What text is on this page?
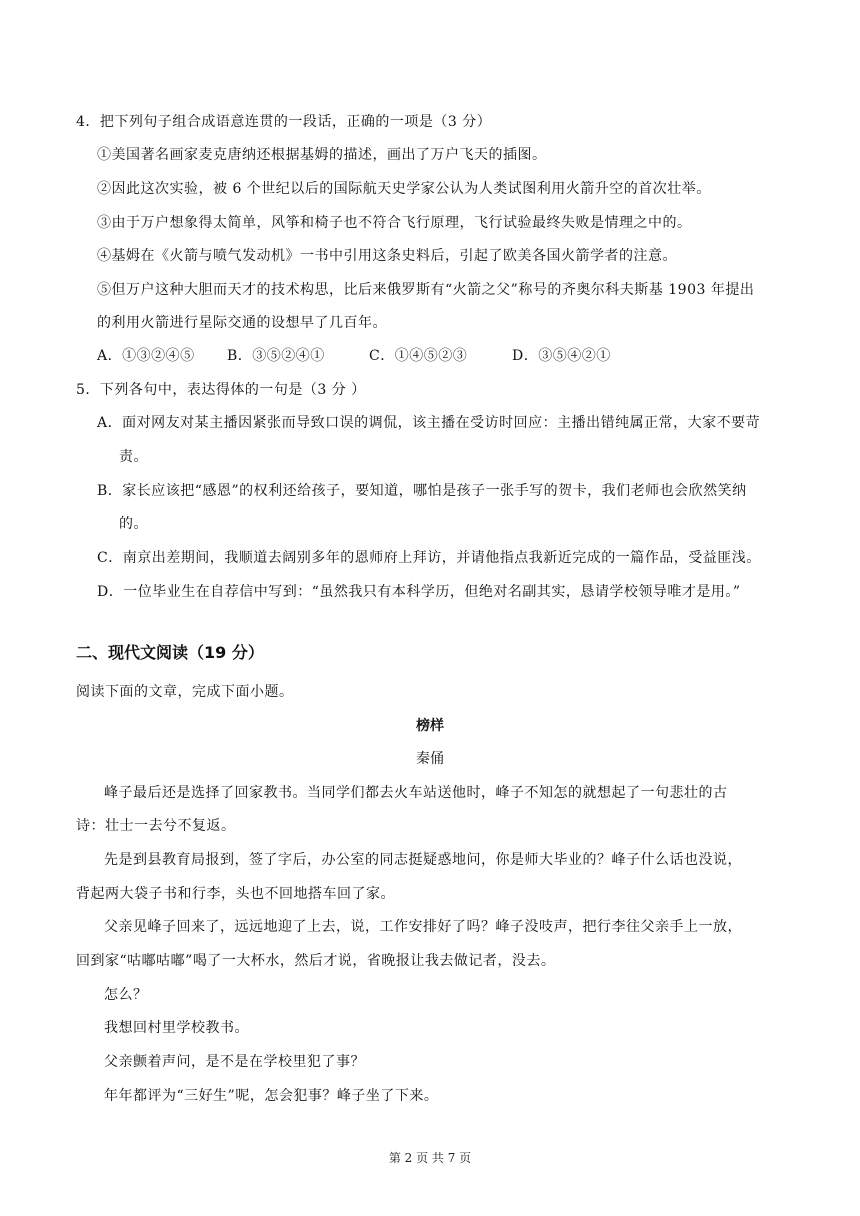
4．把下列句子组合成语意连贯的一段话，正确的一项是（3 分）
①美国著名画家麦克唐纳还根据基姆的描述，画出了万户飞天的插图。
②因此这次实验，被 6 个世纪以后的国际航天史学家公认为人类试图利用火箭升空的首次壮举。
③由于万户想象得太简单，风筝和椅子也不符合飞行原理，飞行试验最终失败是情理之中的。
④基姆在《火箭与喷气发动机》一书中引用这条史料后，引起了欧美各国火箭学者的注意。
⑤但万户这种大胆而天才的技术构思，比后来俄罗斯有“火箭之父”称号的齐奥尔科夫斯基 1903 年提出
的利用火箭进行星际交通的设想早了几百年。
A．①③②④⑤ B．③⑤②④①	C．①④⑤②③	D．③⑤④②①
5．下列各句中，表达得体的一句是（3 分 ）
A．面对网友对某主播因紧张而导致口误的调侃，该主播在受访时回应：主播出错纯属正常，大家不要苛
责。
B．家长应该把“感恩”的权利还给孩子，要知道，哪怕是孩子一张手写的贺卡，我们老师也会欣然笑纳
的。
C．南京出差期间，我顺道去阔别多年的恩师府上拜访，并请他指点我新近完成的一篇作品，受益匪浅。
D．一位毕业生在自荐信中写到：“虽然我只有本科学历，但绝对名副其实，恳请学校领导唯才是用。”
二、现代文阅读（19 分）
阅读下面的文章，完成下面小题。
榜样
秦俑
峰子最后还是选择了回家教书。当同学们都去火车站送他时，峰子不知怎的就想起了一句悲壮的古
诗：壮士一去兮不复返。
先是到县教育局报到，签了字后，办公室的同志挺疑惑地问，你是师大毕业的？峰子什么话也没说，
背起两大袋子书和行李，头也不回地搭车回了家。
父亲见峰子回来了，远远地迎了上去，说，工作安排好了吗？峰子没吱声，把行李往父亲手上一放，
回到家“咕嘟咕嘟”喝了一大杯水，然后才说，省晚报让我去做记者，没去。
怎么？
我想回村里学校教书。
父亲颤着声问，是不是在学校里犯了事？
年年都评为“三好生”呢，怎会犯事？峰子坐了下来。
第 2 页 共 7 页
